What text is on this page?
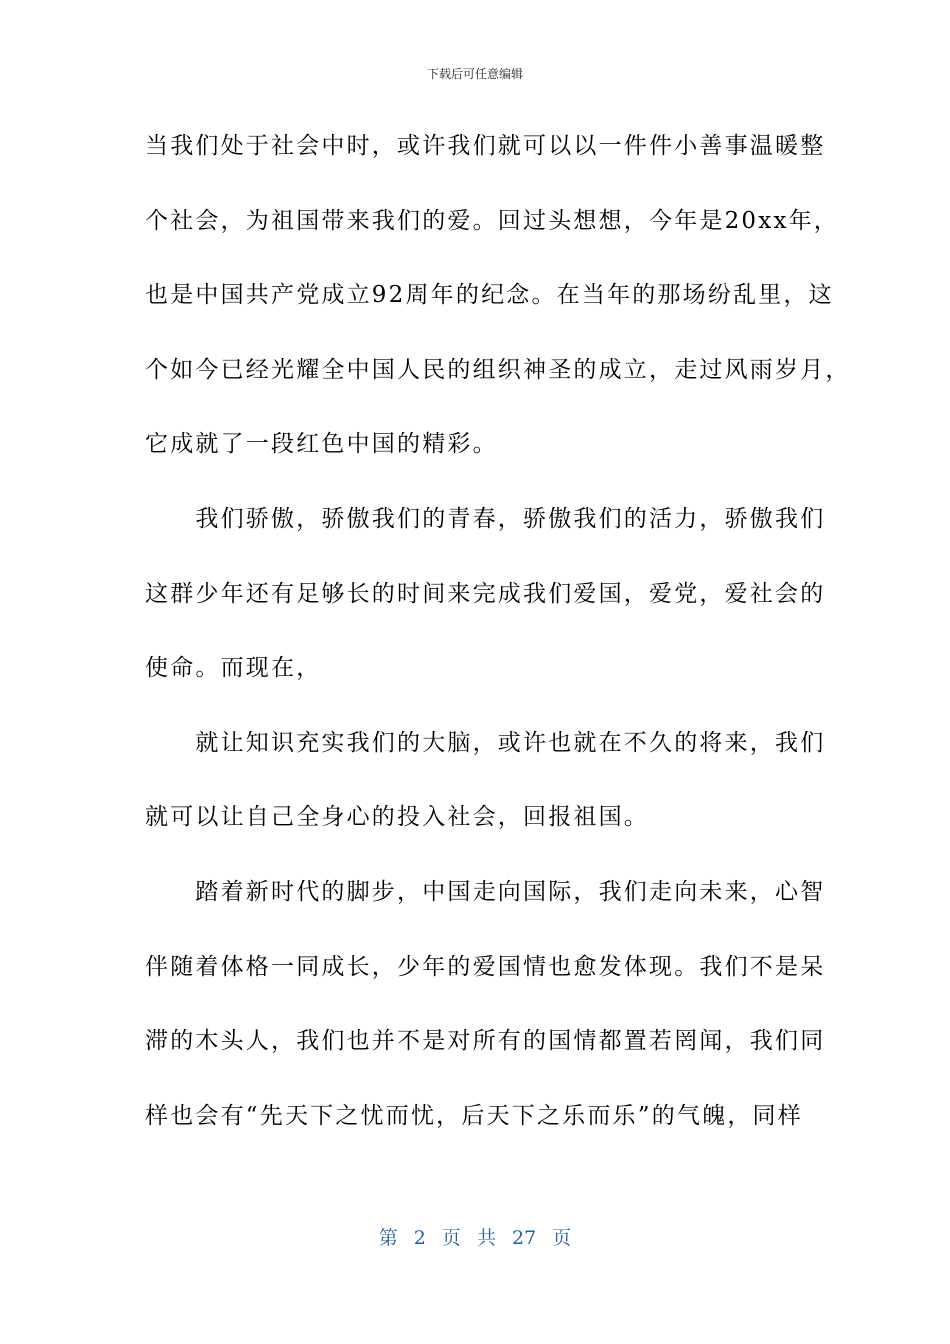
下载后可任意编辑
当我们处于社会中时，或许我们就可以以一件件小善事温暖整
个社会，为祖国带来我们的爱。回过头想想，今年是20xx年，
也是中国共产党成立92周年的纪念。在当年的那场纷乱里，这
个如今已经光耀全中国人民的组织神圣的成立，走过风雨岁月，
它成就了一段红色中国的精彩。
　　我们骄傲，骄傲我们的青春，骄傲我们的活力，骄傲我们
这群少年还有足够长的时间来完成我们爱国，爱党，爱社会的
使命。而现在，
　　就让知识充实我们的大脑，或许也就在不久的将来，我们
就可以让自己全身心的投入社会，回报祖国。
　　踏着新时代的脚步，中国走向国际，我们走向未来，心智
伴随着体格一同成长，少年的爱国情也愈发体现。我们不是呆
滞的木头人，我们也并不是对所有的国情都置若罔闻，我们同
样也会有“先天下之忧而忧，后天下之乐而乐”的气魄，同样
第 2 页 共 27 页
